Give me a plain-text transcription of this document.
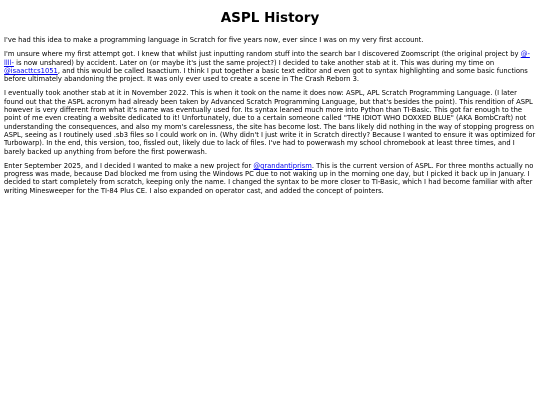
ASPL History

I've had this idea to make a programming language in Scratch for five years now, ever since I was on my very first account.

I'm unsure where my first attempt got. I knew that whilst just inputting random stuff into the search bar I discovered Zoomscript (the original project by @-llll- is now unshared) by accident. Later on (or maybe it's just the same project?) I decided to take another stab at it. This was during my time on @isaacttcs1051, and this would be called Isaactium. I think I put together a basic text editor and even got to syntax highlighting and some basic functions before ultimately abandoning the project. It was only ever used to create a scene in The Crash Reborn 3.

I eventually took another stab at it in November 2022. This is when it took on the name it does now: ASPL, APL Scratch Programming Language. (I later found out that the ASPL acronym had already been taken by Advanced Scratch Programming Language, but that's besides the point). This rendition of ASPL however is very different from what it's name was eventually used for. Its syntax leaned much more into Python than TI-Basic. This got far enough to the point of me even creating a website dedicated to it! Unfortunately, due to a certain someone called "THE IDIOT WHO DOXXED BLUE" (AKA BombCraft) not understanding the consequences, and also my mom's carelessness, the site has become lost. The bans likely did nothing in the way of stopping progress on ASPL, seeing as I routinely used .sb3 files so I could work on in. (Why didn't I just write it in Scratch directly? Because I wanted to ensure it was optimized for Turbowarp). In the end, this version, too, fissled out, likely due to lack of files. I've had to powerwash my school chromebook at least three times, and I barely backed up anything from before the first powerwash.

Enter September 2025, and I decided I wanted to make a new project for @grandantiprism. This is the current version of ASPL. For three months actually no progress was made, because Dad blocked me from using the Windows PC due to not waking up in the morning one day, but I picked it back up in January. I decided to start completely from scratch, keeping only the name. I changed the syntax to be more closer to TI-Basic, which I had become familiar with after writing Minesweeper for the TI-84 Plus CE. I also expanded on operator cast, and added the concept of pointers.
